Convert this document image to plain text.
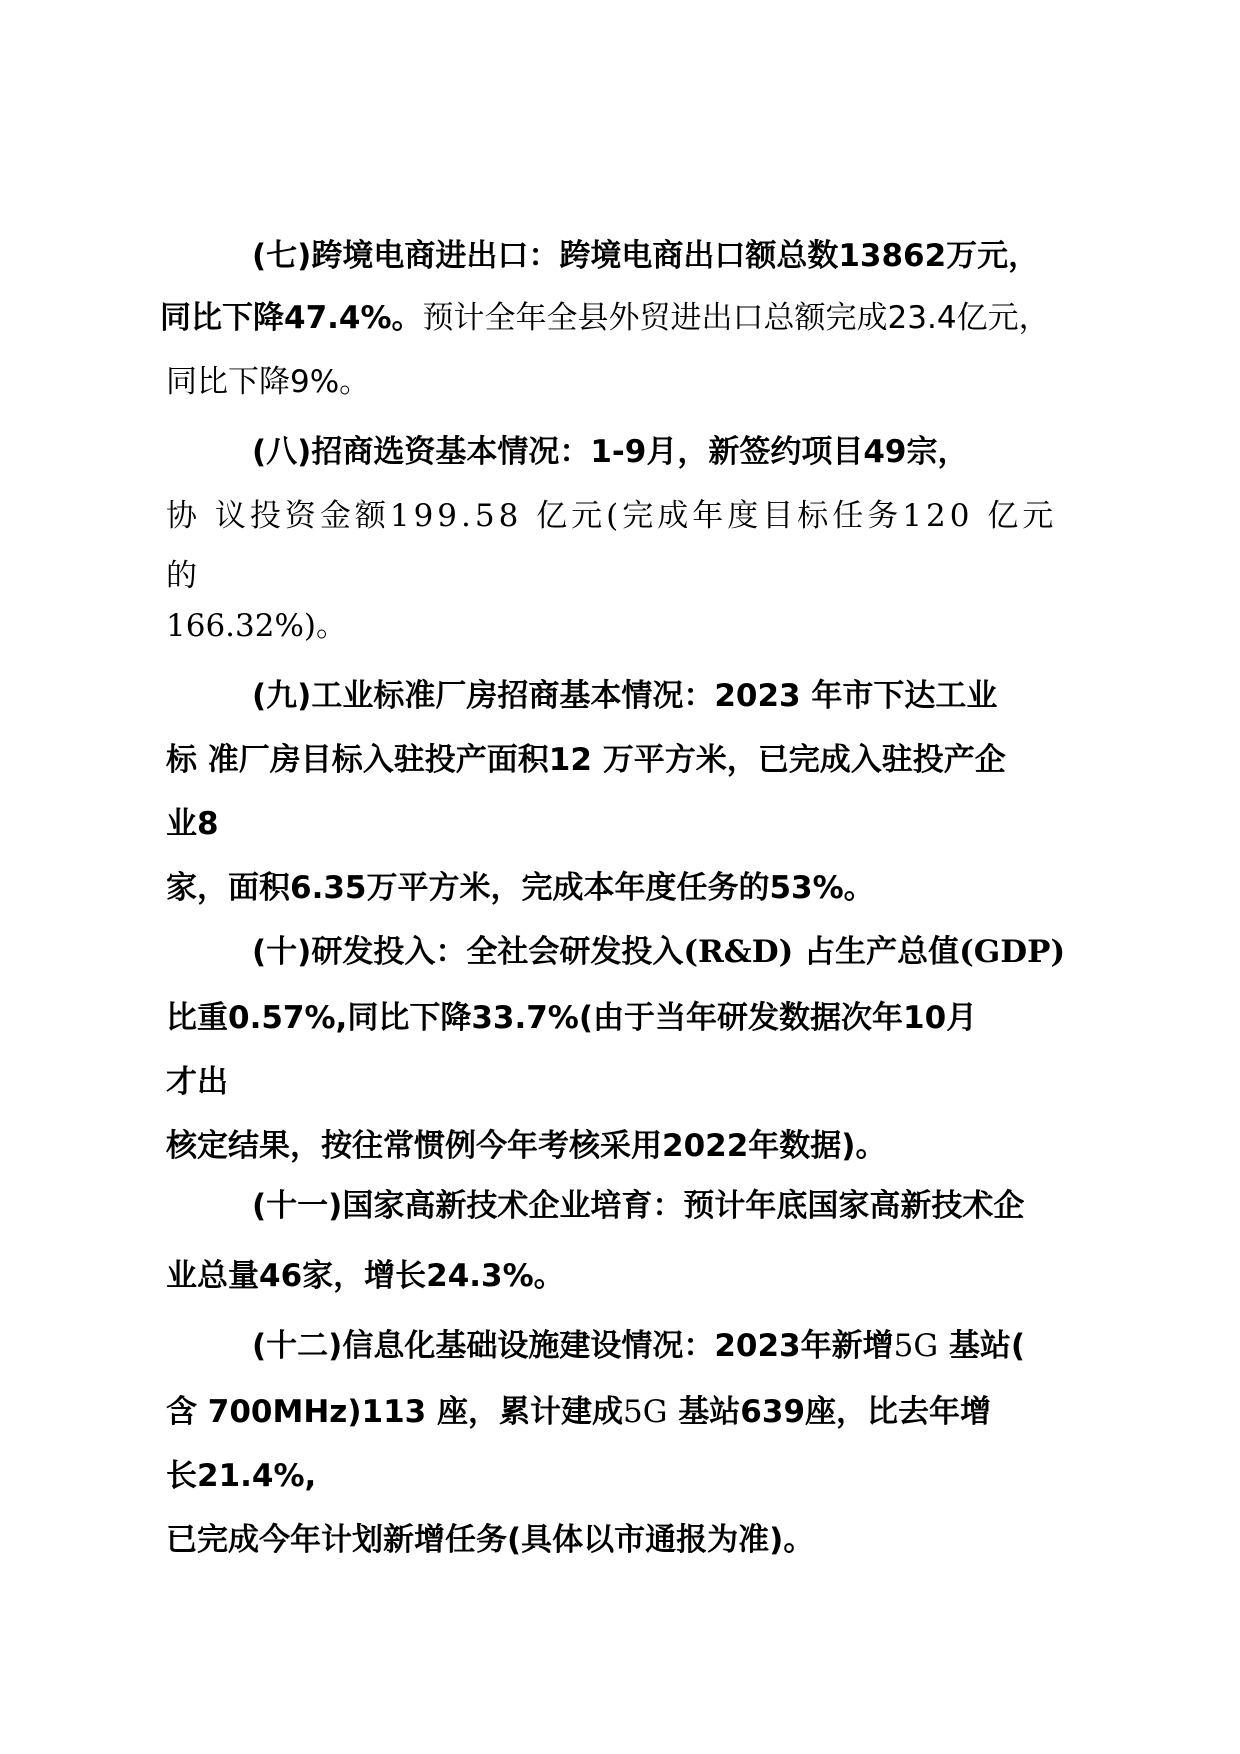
(七)跨境电商进出口：跨境电商出口额总数13862万元，
同比下降47.4%。预计全年全县外贸进出口总额完成23.4亿元，
同比下降9%。
(八)招商选资基本情况：1-9月，新签约项目49宗，
协 议投资金额199.58 亿元(完成年度目标任务120 亿元
的
166.32%)。
(九)工业标准厂房招商基本情况：2023 年市下达工业
标 准厂房目标入驻投产面积12 万平方米，已完成入驻投产企
业8
家，面积6.35万平方米，完成本年度任务的53%。
(十)研发投入：全社会研发投入(R&D) 占生产总值(GDP)
比重0.57%,同比下降33.7%(由于当年研发数据次年10月
才出
核定结果，按往常惯例今年考核采用2022年数据)。
(十一)国家高新技术企业培育：预计年底国家高新技术企
业总量46家，增长24.3%。
(十二)信息化基础设施建设情况：2023年新增5G 基站(
含 700MHz)113 座，累计建成5G 基站639座，比去年增
长21.4%,
已完成今年计划新增任务(具体以市通报为准)。
